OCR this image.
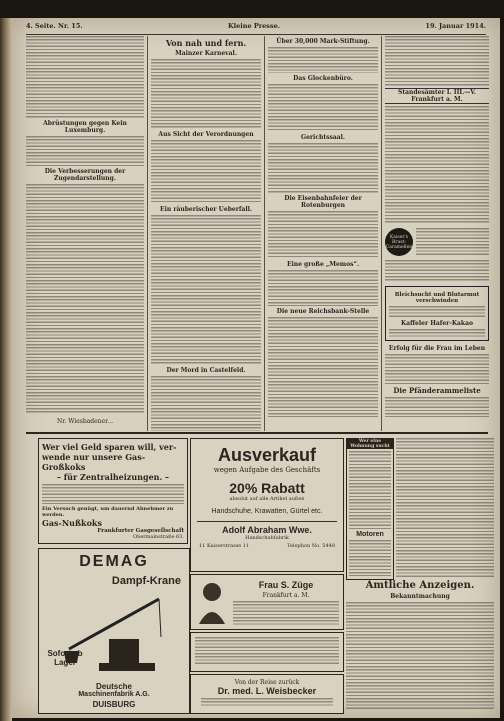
4. Seite. Nr. 15.	Kleine Presse.	19. Januar 1914.
Abrüstungen gegen Kein Luxemburg.
Die Verbesserungen der Zugendarstellung.
Nr. Wiesbadener...
Von nah und fern.
Mainzer Karneval.
Aus Sicht der Verordnungen
Ein räuberischer Ueberfall.
Der Mord in Castelfeld.
Über 30,000 Mark-Stiftung.
Das Glockenbüro.
Gerichtssaal.
Die Eisenbahnfeier der Rotenburgen
Eine große „Memos“.
Die neue Reichsbank-Stelle
Standesämter I. III.—V. Frankfurt a. M.
Kaiser's Brust-Caramellen
Bleichsucht und Blutarmut verschwinden
Kaffeler Hafer-Kakao
Erfolg für die Frau im Leben
Die Pfänderammeliste
Wer viel Geld sparen will, ver-
wende nur unsere Gas-Großkoks
– für Zentralheizungen. –
Ein Versuch genügt, um dauernd Abnehmer zu werden.
Gas-Nußkoks
Frankfurter Gasgesellschaft
Obermainstraße 63.
DEMAG
Dampf-Krane
Sofort ab Lager
Deutsche
Maschinenfabrik A.G.
DUISBURG
Ausverkauf
wegen Aufgabe des Geschäfts
20% Rabatt
absolut auf alle Artikel außen
Handschuhe, Krawatten, Gürtel etc.
Adolf Abraham Wwe.
Handschuhfabrik
11 Kaiserstrasse 11	Telephon No. 5448
Frau S. Züge
Frankfurt a. M.
Von der Reise zurück
Dr. med. L. Weisbecker
Wer eine Wohnung sucht
Motoren
Amtliche Anzeigen.
Bekanntmachung
